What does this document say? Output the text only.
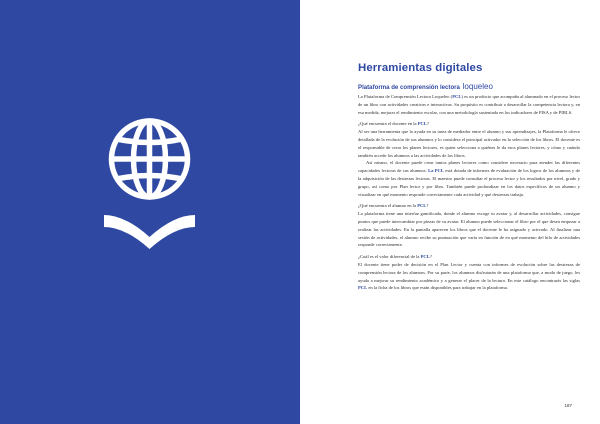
Herramientas digitales
Plataforma de comprensión lectora loqueleo

La Plataforma de Comprensión Lectora Loqueleo (PCL) es un producto que acompaña al alumnado en el proceso lector de un libro con actividades creativas e interactivas. Su propósito es contribuir a desarrollar la competencia lectora y, en esa medida, mejorar el rendimiento escolar, con una metodología sustentada en los indicadores de PISA y de PIRLS.

¿Qué encuentra el docente en la PCL?

Al ser una herramienta que lo ayuda en su tarea de mediador entre el alumno y sus aprendizajes, la Plataforma le ofrece detallada de la evolución de sus alumnos y lo considera el principal activador en la selección de los libros. El docente es el responsable de crear los planes lectores, es quien selecciona a quiénes le da esos planes lectores, y cómo y cuándo también accede los alumnos a las actividades de los libros.

Así mismo, el docente puede crear tantos planes lectores como considere necesario para atender las diferentes capacidades lectoras de sus alumnos. La PCL está dotada de informes de evaluación de los logros de los alumnos y de la adquisición de las destrezas lectoras. El maestro puede consultar el proceso lector y los resultados por nivel, grado y grupo, así como por Plan lector y por libro. También puede profundizar en los datos específicos de un alumno y visualizar en qué momento responde correctamente cada actividad y qué destrezas trabaja.

¿Qué encuentra el alumno en la PCL?

La plataforma tiene una interfaz gamificada, donde el alumno escoge tu avatar y, al desarrollar actividades, consigue puntos que puede intercambiar por piezas de su avatar. El alumno puede seleccionar el libro por el que desea empezar a realizar las actividades. En la pantalla aparecen los libros que el docente le ha asignado y activado. Al finalizar una sesión de actividades, el alumno recibe su puntuación que varía en función de en qué momento del hilo de actividades responde correctamente.

¿Cuál es el valor diferencial de la PCL?

El docente tiene poder de decisión en el Plan Lector y cuenta con informes de evolución sobre las destrezas de comprensión lectora de los alumnos. Por su parte, los alumnos disfrutarán de una plataforma que, a modo de juego, les ayuda a mejorar su rendimiento académico y a generar el placer de la lectura. En este catálogo encontrarás las siglas PCL en la ficha de los libros que están disponibles para trabajar en la plataforma.

187
